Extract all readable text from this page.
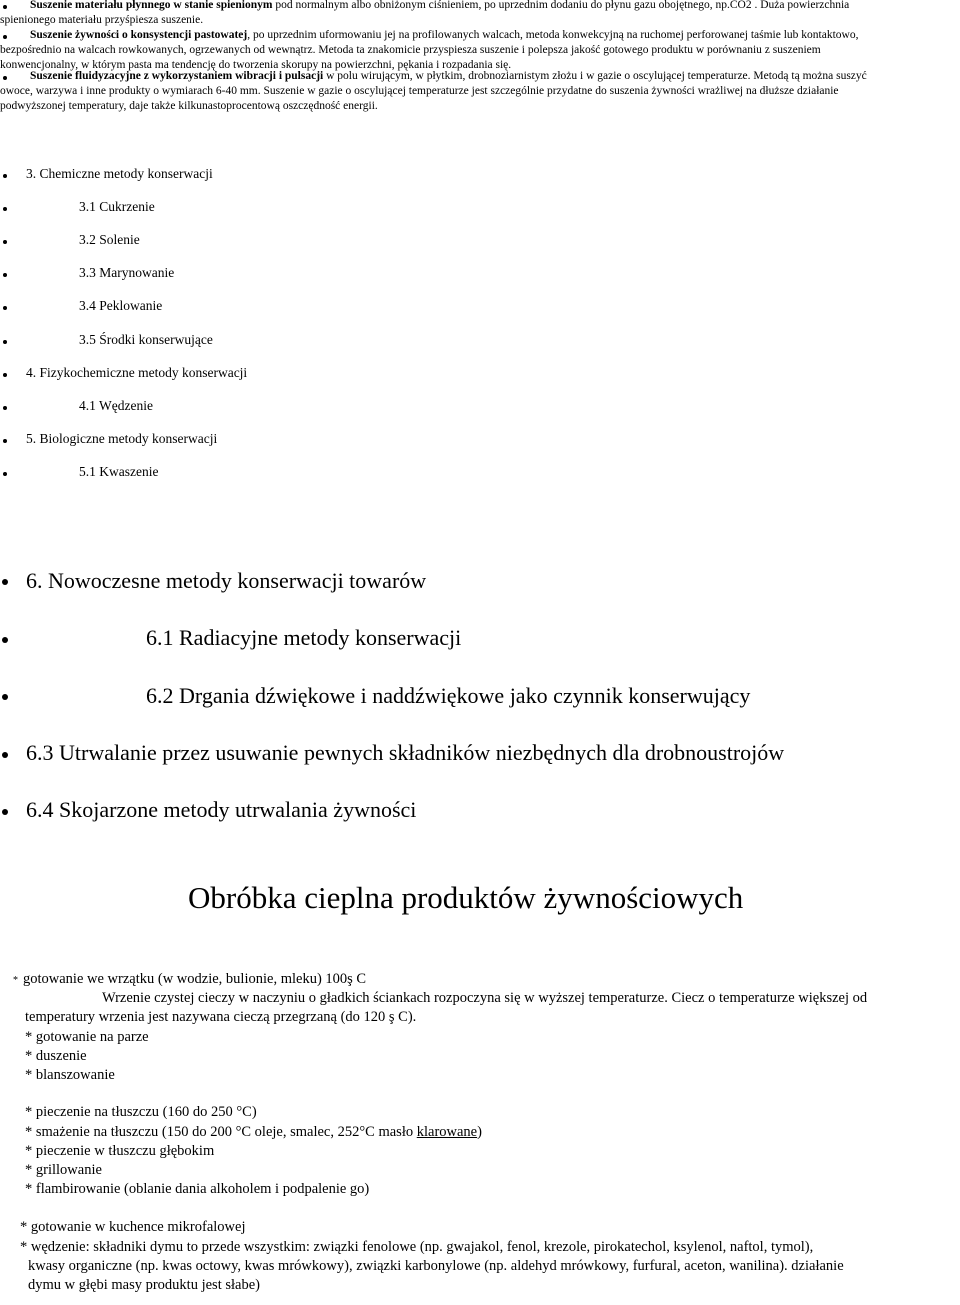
Suszenie materiału płynnego w stanie spienionym pod normalnym albo obniżonym ciśnieniem, po uprzednim dodaniu do płynu gazu obojętnego, np.CO2 . Duża powierzchnia
spienionego materiału przyśpiesza suszenie.
Suszenie żywności o konsystencji pastowatej, po uprzednim uformowaniu jej na profilowanych walcach, metoda konwekcyjną na ruchomej perforowanej taśmie lub kontaktowo,
bezpośrednio na walcach rowkowanych, ogrzewanych od wewnątrz. Metoda ta znakomicie przyspiesza suszenie i polepsza jakość gotowego produktu w porównaniu z suszeniem
konwencjonalny, w którym pasta ma tendencję do tworzenia skorupy na powierzchni, pękania i rozpadania się.
Suszenie fluidyzacyjne z wykorzystaniem wibracji i pulsacji w polu wirującym, w płytkim, drobnoziarnistym złożu i w gazie o oscylującej temperaturze. Metodą tą można suszyć
owoce, warzywa i inne produkty o wymiarach 6-40 mm. Suszenie w gazie o oscylującej temperaturze jest szczególnie przydatne do suszenia żywności wrażliwej na dłuższe działanie
podwyższonej temperatury, daje także kilkunastoprocentową oszczędność energii.
3. Chemiczne metody konserwacji
3.1 Cukrzenie
3.2 Solenie
3.3 Marynowanie
3.4 Peklowanie
3.5 Środki konserwujące
4. Fizykochemiczne metody konserwacji
4.1 Wędzenie
5. Biologiczne metody konserwacji
5.1 Kwaszenie
6. Nowoczesne metody konserwacji towarów
6.1 Radiacyjne metody konserwacji
6.2 Drgania dźwiękowe i naddźwiękowe jako czynnik konserwujący
6.3 Utrwalanie przez usuwanie pewnych składników niezbędnych dla drobnoustrojów
6.4 Skojarzone metody utrwalania żywności
Obróbka cieplna produktów żywnościowych
* gotowanie we wrzątku (w wodzie, bulionie, mleku) 100ş C
Wrzenie czystej cieczy w naczyniu o gładkich ściankach rozpoczyna się w wyższej temperaturze. Ciecz o temperaturze większej od
temperatury wrzenia jest nazywana cieczą przegrzaną (do 120 ş C).
* gotowanie na parze
* duszenie
* blanszowanie
* pieczenie na tłuszczu (160 do 250 °C)
* smażenie na tłuszczu (150 do 200 °C oleje, smalec, 252°C masło klarowane)
* pieczenie w tłuszczu głębokim
* grillowanie
* flambirowanie (oblanie dania alkoholem i podpalenie go)
* gotowanie w kuchence mikrofalowej
* wędzenie: składniki dymu to przede wszystkim: związki fenolowe (np. gwajakol, fenol, krezole, pirokatechol, ksylenol, naftol, tymol),
kwasy organiczne (np. kwas octowy, kwas mrówkowy), związki karbonylowe (np. aldehyd mrówkowy, furfural, aceton, wanilina). działanie
dymu w głębi masy produktu jest słabe)
